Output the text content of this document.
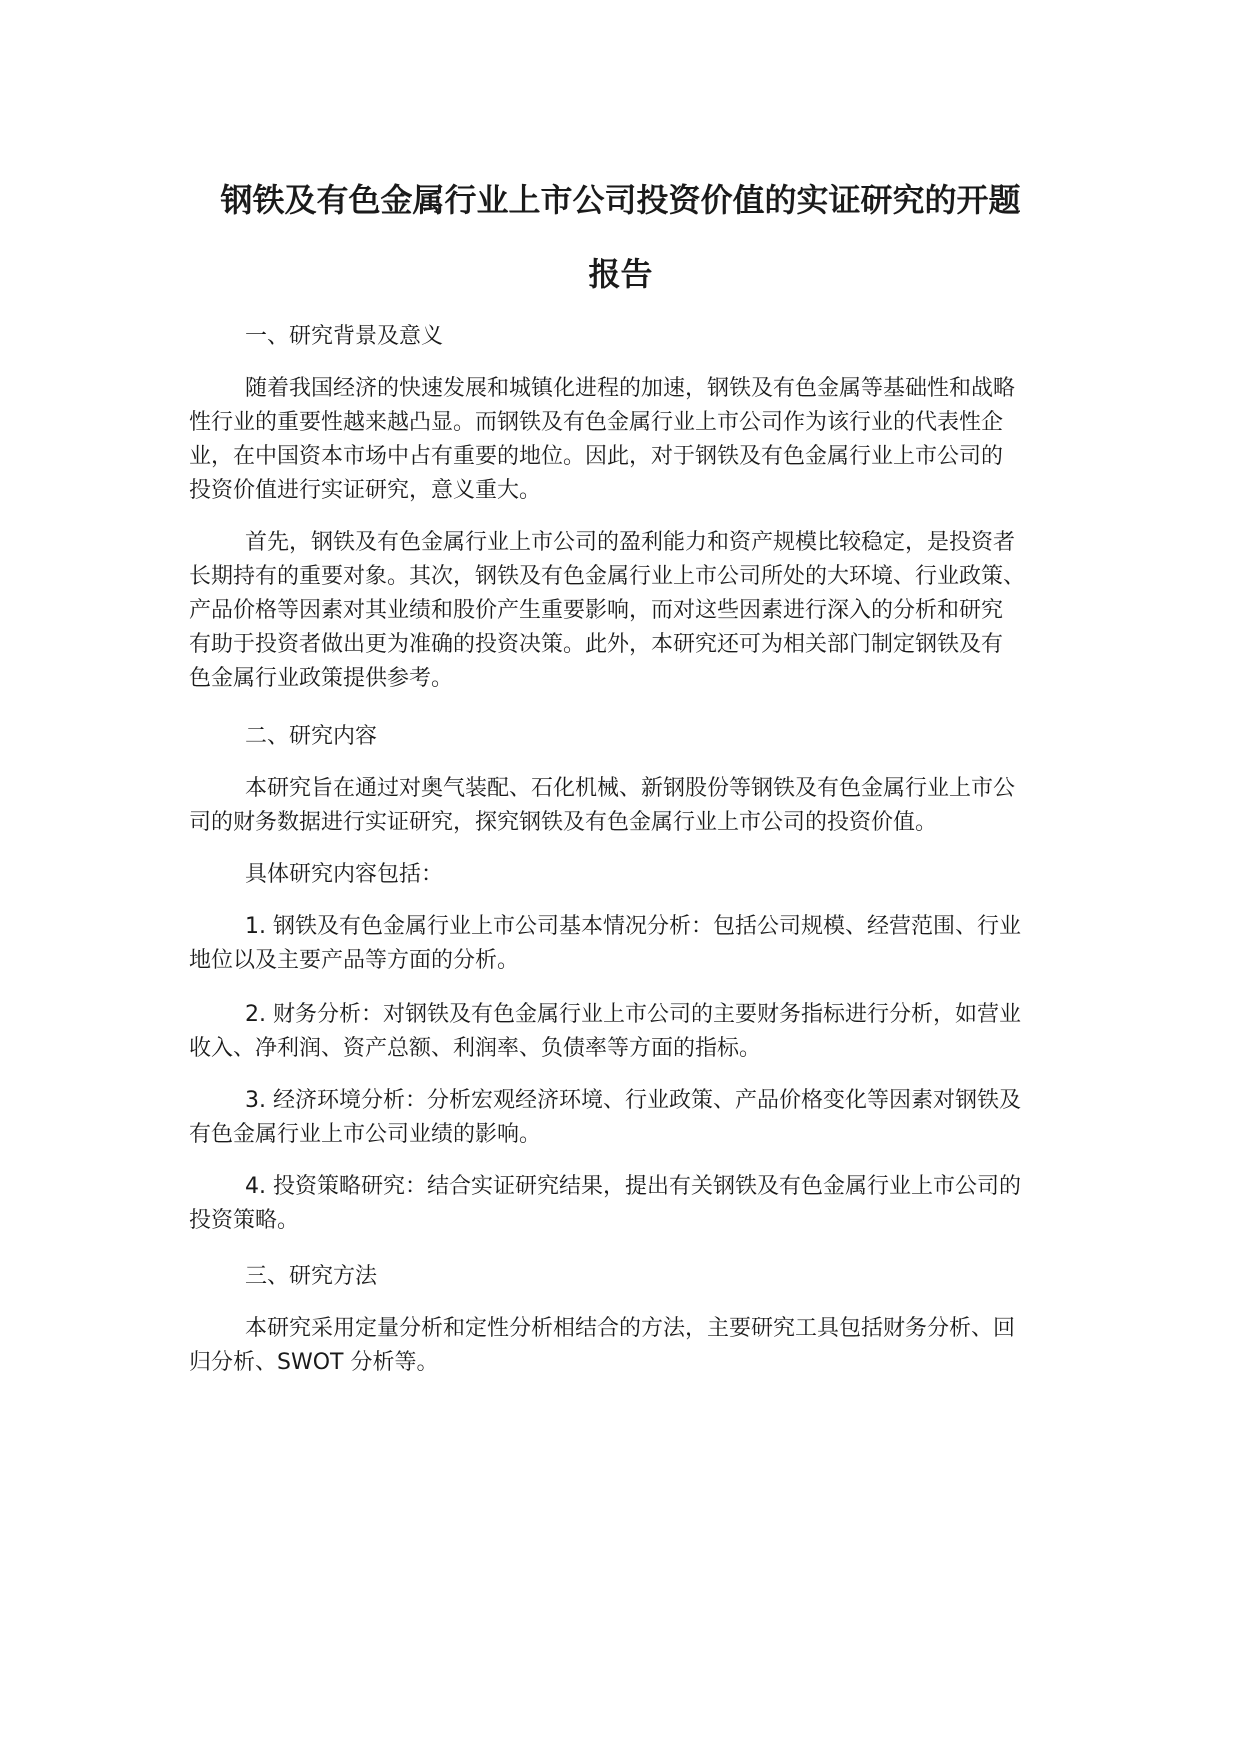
钢铁及有色金属行业上市公司投资价值的实证研究的开题
报告
一、研究背景及意义
随着我国经济的快速发展和城镇化进程的加速，钢铁及有色金属等基础性和战略
性行业的重要性越来越凸显。而钢铁及有色金属行业上市公司作为该行业的代表性企
业，在中国资本市场中占有重要的地位。因此，对于钢铁及有色金属行业上市公司的
投资价值进行实证研究，意义重大。
首先，钢铁及有色金属行业上市公司的盈利能力和资产规模比较稳定，是投资者
长期持有的重要对象。其次，钢铁及有色金属行业上市公司所处的大环境、行业政策、
产品价格等因素对其业绩和股价产生重要影响，而对这些因素进行深入的分析和研究
有助于投资者做出更为准确的投资决策。此外，本研究还可为相关部门制定钢铁及有
色金属行业政策提供参考。
二、研究内容
本研究旨在通过对奥气装配、石化机械、新钢股份等钢铁及有色金属行业上市公
司的财务数据进行实证研究，探究钢铁及有色金属行业上市公司的投资价值。
具体研究内容包括：
1. 钢铁及有色金属行业上市公司基本情况分析：包括公司规模、经营范围、行业
地位以及主要产品等方面的分析。
2. 财务分析：对钢铁及有色金属行业上市公司的主要财务指标进行分析，如营业
收入、净利润、资产总额、利润率、负债率等方面的指标。
3. 经济环境分析：分析宏观经济环境、行业政策、产品价格变化等因素对钢铁及
有色金属行业上市公司业绩的影响。
4. 投资策略研究：结合实证研究结果，提出有关钢铁及有色金属行业上市公司的
投资策略。
三、研究方法
本研究采用定量分析和定性分析相结合的方法，主要研究工具包括财务分析、回
归分析、SWOT 分析等。
